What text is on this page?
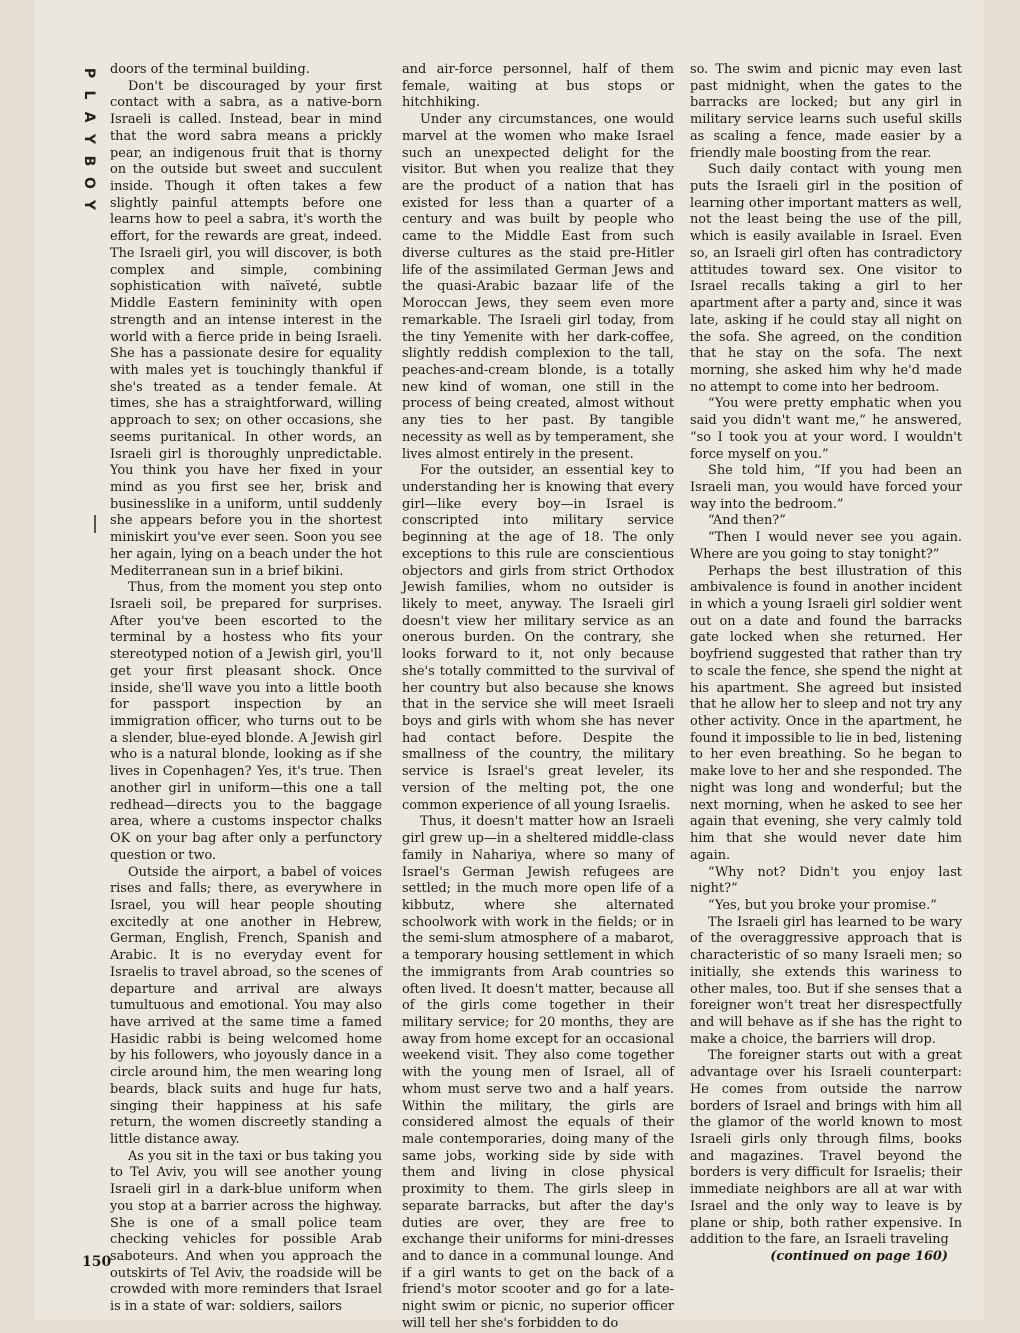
P
L
A
Y
B
O
Y

doors of the terminal building.

Don't be discouraged by your first contact with a sabra, as a native-born Israeli is called. Instead, bear in mind that the word sabra means a prickly pear, an indigenous fruit that is thorny on the outside but sweet and succulent inside. Though it often takes a few slightly painful attempts before one learns how to peel a sabra, it's worth the effort, for the rewards are great, indeed. The Israeli girl, you will discover, is both complex and simple, combining sophistication with naïveté, subtle Middle Eastern femininity with open strength and an intense interest in the world with a fierce pride in being Israeli. She has a passionate desire for equality with males yet is touchingly thankful if she's treated as a tender female. At times, she has a straightforward, willing approach to sex; on other occasions, she seems puritanical. In other words, an Israeli girl is thoroughly unpredictable. You think you have her fixed in your mind as you first see her, brisk and businesslike in a uniform, until suddenly she appears before you in the shortest miniskirt you've ever seen. Soon you see her again, lying on a beach under the hot Mediterranean sun in a brief bikini.

Thus, from the moment you step onto Israeli soil, be prepared for surprises. After you've been escorted to the terminal by a hostess who fits your stereotyped notion of a Jewish girl, you'll get your first pleasant shock. Once inside, she'll wave you into a little booth for passport inspection by an immigration officer, who turns out to be a slender, blue-eyed blonde. A Jewish girl who is a natural blonde, looking as if she lives in Copenhagen? Yes, it's true. Then another girl in uniform—this one a tall redhead—directs you to the baggage area, where a customs inspector chalks OK on your bag after only a perfunctory question or two.

Outside the airport, a babel of voices rises and falls; there, as everywhere in Israel, you will hear people shouting excitedly at one another in Hebrew, German, English, French, Spanish and Arabic. It is no everyday event for Israelis to travel abroad, so the scenes of departure and arrival are always tumultuous and emotional. You may also have arrived at the same time a famed Hasidic rabbi is being welcomed home by his followers, who joyously dance in a circle around him, the men wearing long beards, black suits and huge fur hats, singing their happiness at his safe return, the women discreetly standing a little distance away.

As you sit in the taxi or bus taking you to Tel Aviv, you will see another young Israeli girl in a dark-blue uniform when you stop at a barrier across the highway. She is one of a small police team checking vehicles for possible Arab saboteurs. And when you approach the outskirts of Tel Aviv, the roadside will be crowded with more reminders that Israel is in a state of war: soldiers, sailors

and air-force personnel, half of them female, waiting at bus stops or hitchhiking.

Under any circumstances, one would marvel at the women who make Israel such an unexpected delight for the visitor. But when you realize that they are the product of a nation that has existed for less than a quarter of a century and was built by people who came to the Middle East from such diverse cultures as the staid pre-Hitler life of the assimilated German Jews and the quasi-Arabic bazaar life of the Moroccan Jews, they seem even more remarkable. The Israeli girl today, from the tiny Yemenite with her dark-coffee, slightly reddish complexion to the tall, peaches-and-cream blonde, is a totally new kind of woman, one still in the process of being created, almost without any ties to her past. By tangible necessity as well as by temperament, she lives almost entirely in the present.

For the outsider, an essential key to understanding her is knowing that every girl—like every boy—in Israel is conscripted into military service beginning at the age of 18. The only exceptions to this rule are conscientious objectors and girls from strict Orthodox Jewish families, whom no outsider is likely to meet, anyway. The Israeli girl doesn't view her military service as an onerous burden. On the contrary, she looks forward to it, not only because she's totally committed to the survival of her country but also because she knows that in the service she will meet Israeli boys and girls with whom she has never had contact before. Despite the smallness of the country, the military service is Israel's great leveler, its version of the melting pot, the one common experience of all young Israelis.

Thus, it doesn't matter how an Israeli girl grew up—in a sheltered middle-class family in Nahariya, where so many of Israel's German Jewish refugees are settled; in the much more open life of a kibbutz, where she alternated schoolwork with work in the fields; or in the semi-slum atmosphere of a mabarot, a temporary housing settlement in which the immigrants from Arab countries so often lived. It doesn't matter, because all of the girls come together in their military service; for 20 months, they are away from home except for an occasional weekend visit. They also come together with the young men of Israel, all of whom must serve two and a half years. Within the military, the girls are considered almost the equals of their male contemporaries, doing many of the same jobs, working side by side with them and living in close physical proximity to them. The girls sleep in separate barracks, but after the day's duties are over, they are free to exchange their uniforms for mini-dresses and to dance in a communal lounge. And if a girl wants to get on the back of a friend's motor scooter and go for a late-night swim or picnic, no superior officer will tell her she's forbidden to do

so. The swim and picnic may even last past midnight, when the gates to the barracks are locked; but any girl in military service learns such useful skills as scaling a fence, made easier by a friendly male boosting from the rear.

Such daily contact with young men puts the Israeli girl in the position of learning other important matters as well, not the least being the use of the pill, which is easily available in Israel. Even so, an Israeli girl often has contradictory attitudes toward sex. One visitor to Israel recalls taking a girl to her apartment after a party and, since it was late, asking if he could stay all night on the sofa. She agreed, on the condition that he stay on the sofa. The next morning, she asked him why he'd made no attempt to come into her bedroom.

“You were pretty emphatic when you said you didn't want me,” he answered, “so I took you at your word. I wouldn't force myself on you.”

She told him, “If you had been an Israeli man, you would have forced your way into the bedroom.”

“And then?”

“Then I would never see you again. Where are you going to stay tonight?”

Perhaps the best illustration of this ambivalence is found in another incident in which a young Israeli girl soldier went out on a date and found the barracks gate locked when she returned. Her boyfriend suggested that rather than try to scale the fence, she spend the night at his apartment. She agreed but insisted that he allow her to sleep and not try any other activity. Once in the apartment, he found it impossible to lie in bed, listening to her even breathing. So he began to make love to her and she responded. The night was long and wonderful; but the next morning, when he asked to see her again that evening, she very calmly told him that she would never date him again.

“Why not? Didn't you enjoy last night?”

“Yes, but you broke your promise.”

The Israeli girl has learned to be wary of the overaggressive approach that is characteristic of so many Israeli men; so initially, she extends this wariness to other males, too. But if she senses that a foreigner won't treat her disrespectfully and will behave as if she has the right to make a choice, the barriers will drop.

The foreigner starts out with a great advantage over his Israeli counterpart: He comes from outside the narrow borders of Israel and brings with him all the glamor of the world known to most Israeli girls only through films, books and magazines. Travel beyond the borders is very difficult for Israelis; their immediate neighbors are all at war with Israel and the only way to leave is by plane or ship, both rather expensive. In addition to the fare, an Israeli traveling

(continued on page 160)
150
